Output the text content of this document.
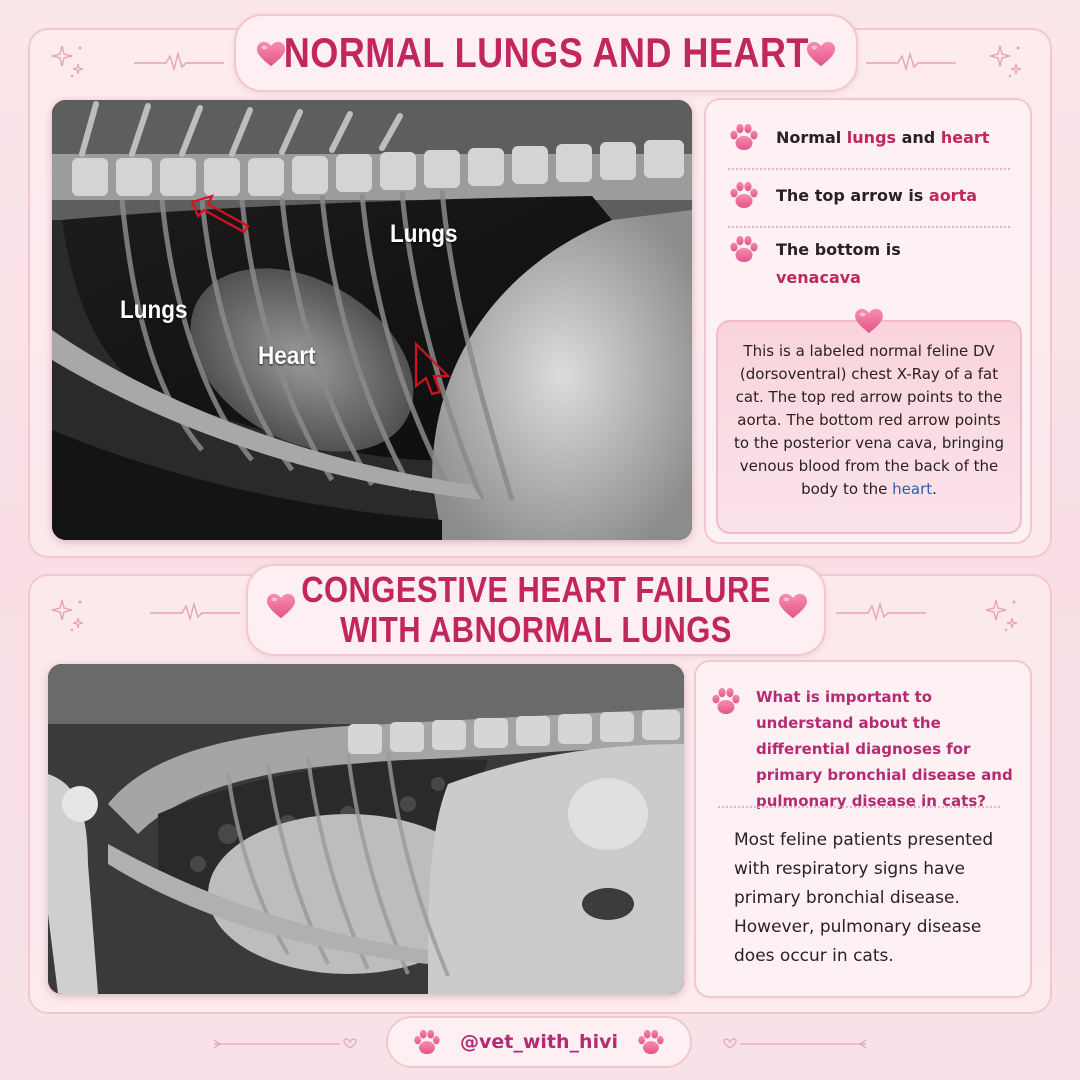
NORMAL LUNGS AND HEART
Lungs
Lungs
Heart
Normal lungs and heart
The top arrow is aorta
The bottom is
venacava
This is a labeled normal feline DV (dorsoventral) chest X-Ray of a fat cat. The top red arrow points to the aorta. The bottom red arrow points to the posterior vena cava, bringing venous blood from the back of the body to the heart.
CONGESTIVE HEART FAILURE
WITH ABNORMAL LUNGS
What is important to understand about the differential diagnoses for primary bronchial disease and pulmonary disease in cats?
Most feline patients presented with respiratory signs have primary bronchial disease. However, pulmonary disease does occur in cats.
@vet_with_hivi
